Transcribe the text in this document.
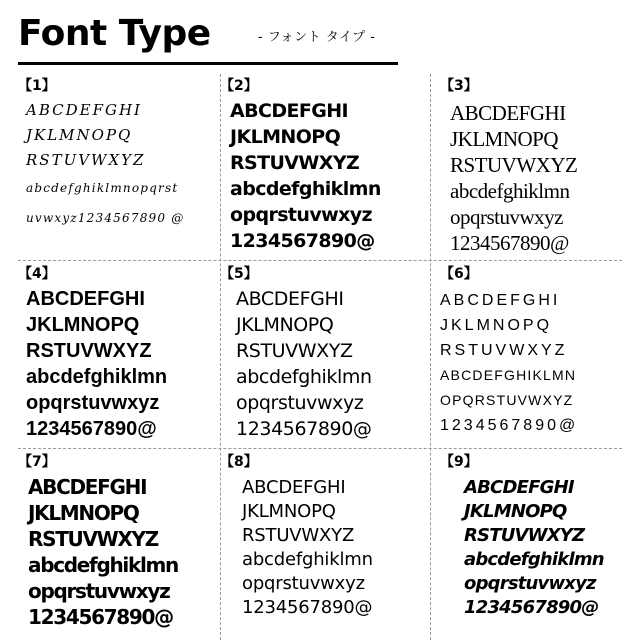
Font Type	- フォント タイプ -
【1】
ABCDEFGHI
JKLMNOPQ
RSTUVWXYZ
abcdefghiklmnopqrst
uvwxyz1234567890 @
【2】
ABCDEFGHI
JKLMNOPQ
RSTUVWXYZ
abcdefghiklmn
opqrstuvwxyz
1234567890@
【3】
ABCDEFGHI
JKLMNOPQ
RSTUVWXYZ
abcdefghiklmn
opqrstuvwxyz
1234567890@
【4】
ABCDEFGHI
JKLMNOPQ
RSTUVWXYZ
abcdefghiklmn
opqrstuvwxyz
1234567890@
【5】
ABCDEFGHI
JKLMNOPQ
RSTUVWXYZ
abcdefghiklmn
opqrstuvwxyz
1234567890@
【6】
ABCDEFGHI
JKLMNOPQ
RSTUVWXYZ
ABCDEFGHIKLMN
OPQRSTUVWXYZ
1234567890@
【7】
ABCDEFGHI
JKLMNOPQ
RSTUVWXYZ
abcdefghiklmn
opqrstuvwxyz
1234567890@
【8】
ABCDEFGHI
JKLMNOPQ
RSTUVWXYZ
abcdefghiklmn
opqrstuvwxyz
1234567890@
【9】
ABCDEFGHI
JKLMNOPQ
RSTUVWXYZ
abcdefghiklmn
opqrstuvwxyz
1234567890@
